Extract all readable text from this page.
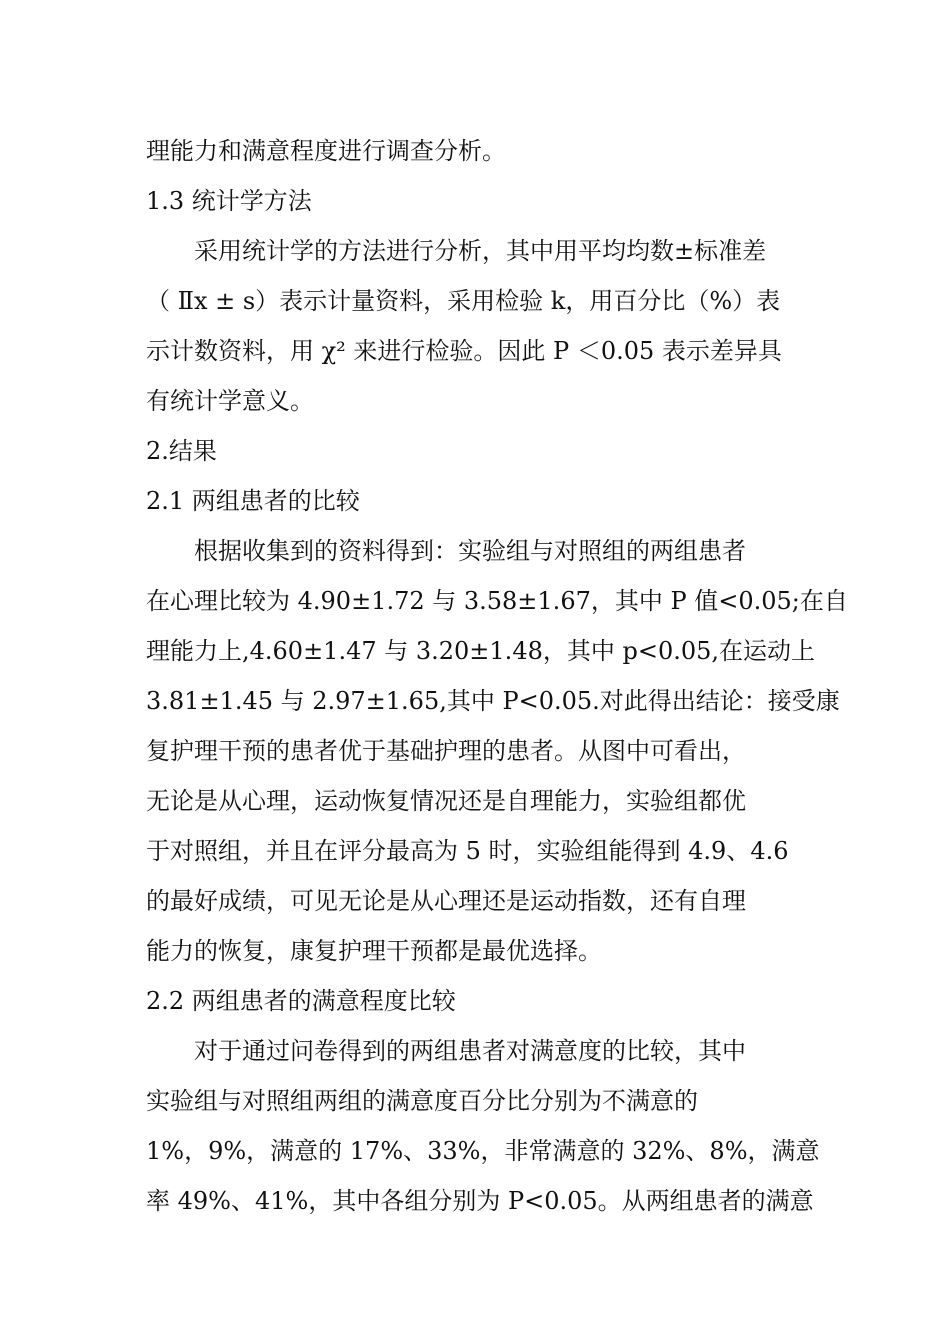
理能力和满意程度进行调查分析。
1.3 统计学方法
采用统计学的方法进行分析，其中用平均均数±标准差
（ Ⅱx ± s）表示计量资料，采用检验 k，用百分比（%）表
示计数资料，用 χ² 来进行检验。因此 P ＜0.05 表示差异具
有统计学意义。
2.结果
2.1 两组患者的比较
根据收集到的资料得到：实验组与对照组的两组患者
在心理比较为 4.90±1.72 与 3.58±1.67，其中 P 值<0.05;在自
理能力上,4.60±1.47 与 3.20±1.48，其中 p<0.05,在运动上
3.81±1.45 与 2.97±1.65,其中 P<0.05.对此得出结论：接受康
复护理干预的患者优于基础护理的患者。从图中可看出，
无论是从心理，运动恢复情况还是自理能力，实验组都优
于对照组，并且在评分最高为 5 时，实验组能得到 4.9、4.6
的最好成绩，可见无论是从心理还是运动指数，还有自理
能力的恢复，康复护理干预都是最优选择。
2.2 两组患者的满意程度比较
对于通过问卷得到的两组患者对满意度的比较，其中
实验组与对照组两组的满意度百分比分别为不满意的
1%，9%，满意的 17%、33%，非常满意的 32%、8%，满意
率 49%、41%，其中各组分别为 P<0.05。从两组患者的满意
